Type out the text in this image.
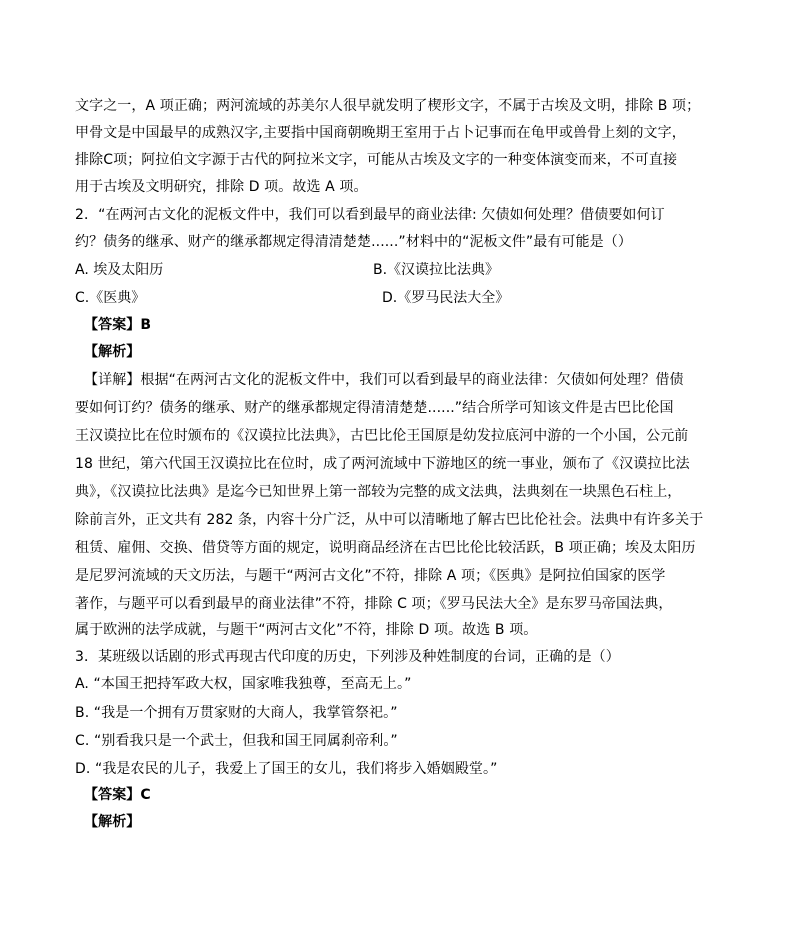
文字之一，A 项正确；两河流域的苏美尔人很早就发明了楔形文字，不属于古埃及文明，排除 B 项；
甲骨文是中国最早的成熟汉字,主要指中国商朝晚期王室用于占卜记事而在龟甲或兽骨上刻的文字，
排除C项；阿拉伯文字源于古代的阿拉米文字，可能从古埃及文字的一种变体演变而来，不可直接
用于古埃及文明研究，排除 D 项。故选 A 项。
2．“在两河古文化的泥板文件中，我们可以看到最早的商业法律: 欠债如何处理？借债要如何订
约？债务的继承、财产的继承都规定得清清楚楚......”材料中的“泥板文件”最有可能是（）
A. 埃及太阳历	B.《汉谟拉比法典》
C.《医典》	D.《罗马民法大全》
【答案】B
【解析】
【详解】根据“在两河古文化的泥板文件中，我们可以看到最早的商业法律：欠债如何处理？借债
要如何订约？债务的继承、财产的继承都规定得清清楚楚......”结合所学可知该文件是古巴比伦国
王汉谟拉比在位时颁布的《汉谟拉比法典》，古巴比伦王国原是幼发拉底河中游的一个小国，公元前
18 世纪，第六代国王汉谟拉比在位时，成了两河流域中下游地区的统一事业，颁布了《汉谟拉比法
典》，《汉谟拉比法典》是迄今已知世界上第一部较为完整的成文法典，法典刻在一块黑色石柱上，
除前言外，正文共有 282 条，内容十分广泛，从中可以清晰地了解古巴比伦社会。法典中有许多关于
租赁、雇佣、交换、借贷等方面的规定，说明商品经济在古巴比伦比较活跃，B 项正确；埃及太阳历
是尼罗河流域的天文历法，与题干“两河古文化”不符，排除 A 项；《医典》是阿拉伯国家的医学
著作，与题平可以看到最早的商业法律”不符，排除 C 项；《罗马民法大全》是东罗马帝国法典，
属于欧洲的法学成就，与题干“两河古文化”不符，排除 D 项。故选 B 项。
3．某班级以话剧的形式再现古代印度的历史，下列涉及种姓制度的台词，正确的是（）
A. “本国王把持军政大权，国家唯我独尊，至高无上。”
B. “我是一个拥有万贯家财的大商人，我掌管祭祀。”
C. “别看我只是一个武士，但我和国王同属刹帝利。”
D. “我是农民的儿子，我爱上了国王的女儿，我们将步入婚姻殿堂。”
【答案】C
【解析】
